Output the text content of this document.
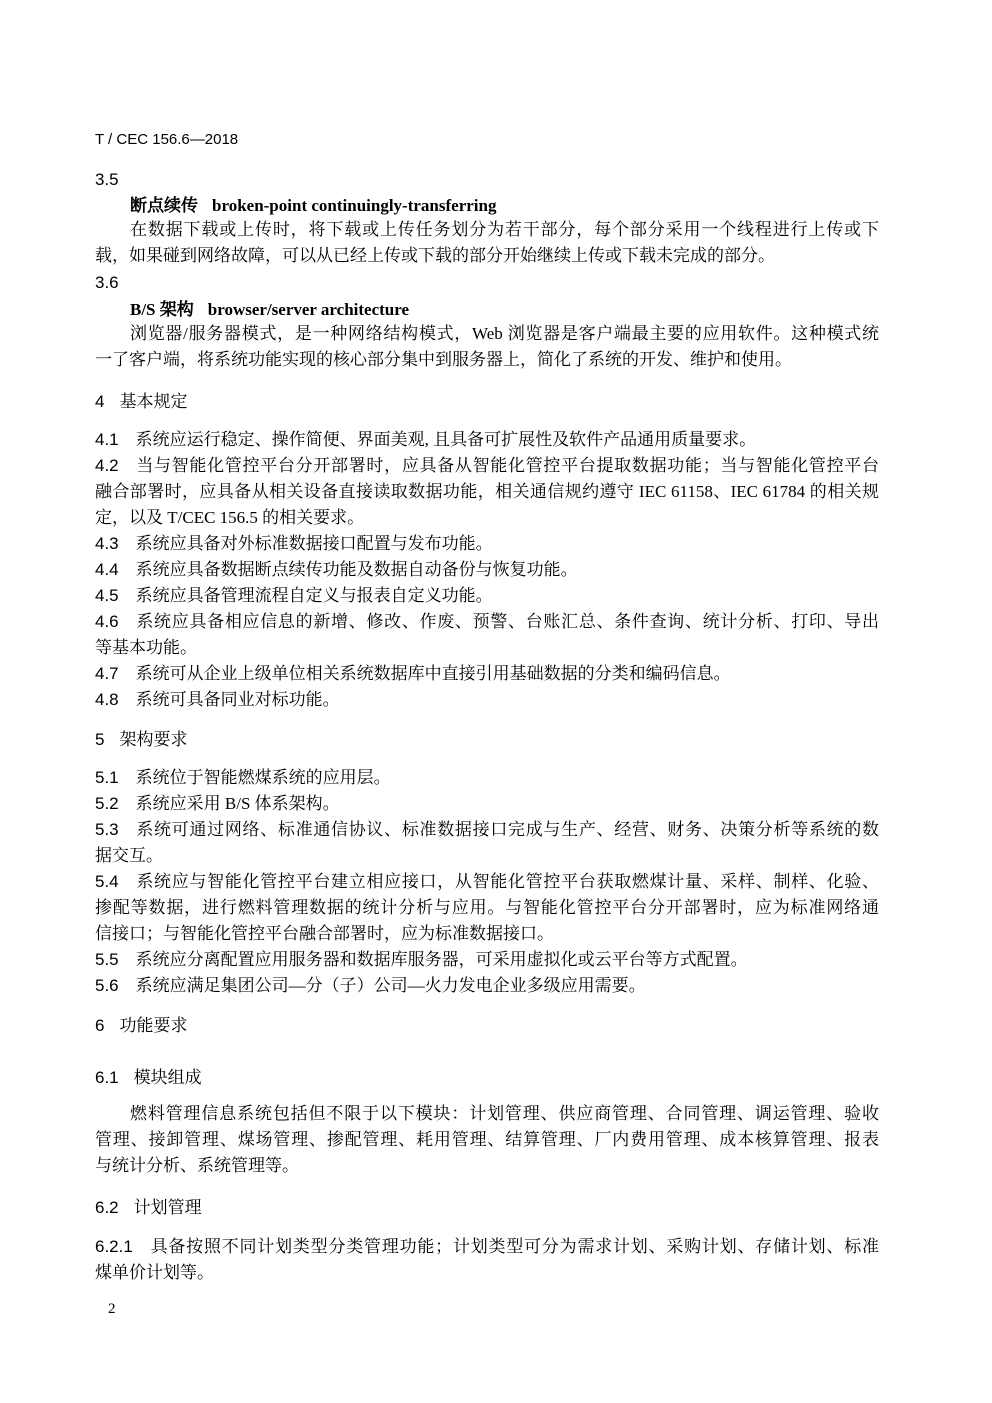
T / CEC 156.6—2018
3.5
断点续传 broken-point continuingly-transferring
在数据下载或上传时，将下载或上传任务划分为若干部分，每个部分采用一个线程进行上传或下
载，如果碰到网络故障，可以从已经上传或下载的部分开始继续上传或下载未完成的部分。
3.6
B/S 架构 browser/server architecture
浏览器/服务器模式，是一种网络结构模式，Web 浏览器是客户端最主要的应用软件。这种模式统
一了客户端，将系统功能实现的核心部分集中到服务器上，简化了系统的开发、维护和使用。
4 基本规定
4.1 系统应运行稳定、操作简便、界面美观, 且具备可扩展性及软件产品通用质量要求。
4.2 当与智能化管控平台分开部署时，应具备从智能化管控平台提取数据功能；当与智能化管控平台
融合部署时，应具备从相关设备直接读取数据功能，相关通信规约遵守 IEC 61158、IEC 61784 的相关规
定，以及 T/CEC 156.5 的相关要求。
4.3 系统应具备对外标准数据接口配置与发布功能。
4.4 系统应具备数据断点续传功能及数据自动备份与恢复功能。
4.5 系统应具备管理流程自定义与报表自定义功能。
4.6 系统应具备相应信息的新增、修改、作废、预警、台账汇总、条件查询、统计分析、打印、导出
等基本功能。
4.7 系统可从企业上级单位相关系统数据库中直接引用基础数据的分类和编码信息。
4.8 系统可具备同业对标功能。
5 架构要求
5.1 系统位于智能燃煤系统的应用层。
5.2 系统应采用 B/S 体系架构。
5.3 系统可通过网络、标准通信协议、标准数据接口完成与生产、经营、财务、决策分析等系统的数
据交互。
5.4 系统应与智能化管控平台建立相应接口，从智能化管控平台获取燃煤计量、采样、制样、化验、
掺配等数据，进行燃料管理数据的统计分析与应用。与智能化管控平台分开部署时，应为标准网络通
信接口；与智能化管控平台融合部署时，应为标准数据接口。
5.5 系统应分离配置应用服务器和数据库服务器，可采用虚拟化或云平台等方式配置。
5.6 系统应满足集团公司—分（子）公司—火力发电企业多级应用需要。
6 功能要求
6.1 模块组成
燃料管理信息系统包括但不限于以下模块：计划管理、供应商管理、合同管理、调运管理、验收
管理、接卸管理、煤场管理、掺配管理、耗用管理、结算管理、厂内费用管理、成本核算管理、报表
与统计分析、系统管理等。
6.2 计划管理
6.2.1 具备按照不同计划类型分类管理功能；计划类型可分为需求计划、采购计划、存储计划、标准
煤单价计划等。
2
